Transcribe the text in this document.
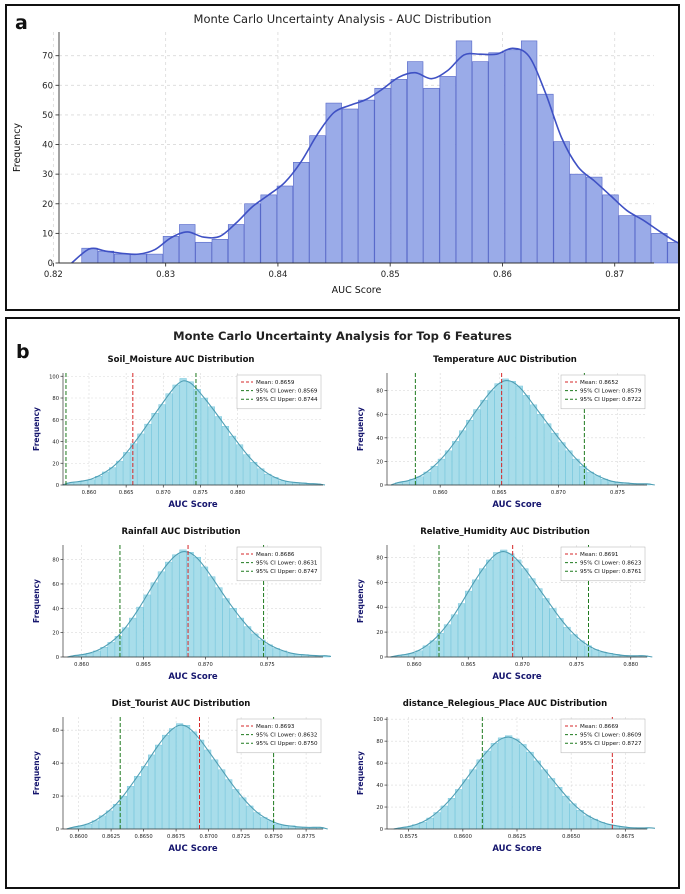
a	Monte Carlo Uncertainty Analysis - AUC Distribution
0.82	0.83	0.84	0.85	0.86	0.87
0
10
20
30
40
50
60
70
AUC Score
Frequency
b
Monte Carlo Uncertainty Analysis for Top 6 Features
Soil_Moisture AUC Distribution
0.860	0.865	0.870	0.875	0.880
0
20
40
60
80
100
AUC Score
Frequency
Mean: 0.8659
95% CI Lower: 0.8569
95% CI Upper: 0.8744
Temperature AUC Distribution
0.860	0.865	0.870	0.875
0
20
40
60
80
AUC Score
Frequency
Mean: 0.8652
95% CI Lower: 0.8579
95% CI Upper: 0.8722
Rainfall AUC Distribution
0.860	0.865	0.870	0.875
0
20
40
60
80
AUC Score
Frequency
Mean: 0.8686
95% CI Lower: 0.8631
95% CI Upper: 0.8747
Relative_Humidity AUC Distribution
0.860	0.865	0.870	0.875	0.880
0
20
40
60
80
AUC Score
Frequency
Mean: 0.8691
95% CI Lower: 0.8623
95% CI Upper: 0.8761
Dist_Tourist AUC Distribution
0.8600	0.8625	0.8650	0.8675	0.8700	0.8725	0.8750	0.8775
0
20
40
60
AUC Score
Frequency
Mean: 0.8693
95% CI Lower: 0.8632
95% CI Upper: 0.8750
distance_Relegious_Place AUC Distribution
0.8575	0.8600	0.8625	0.8650	0.8675
0
20
40
60
80
100
AUC Score
Frequency
Mean: 0.8669
95% CI Lower: 0.8609
95% CI Upper: 0.8727
